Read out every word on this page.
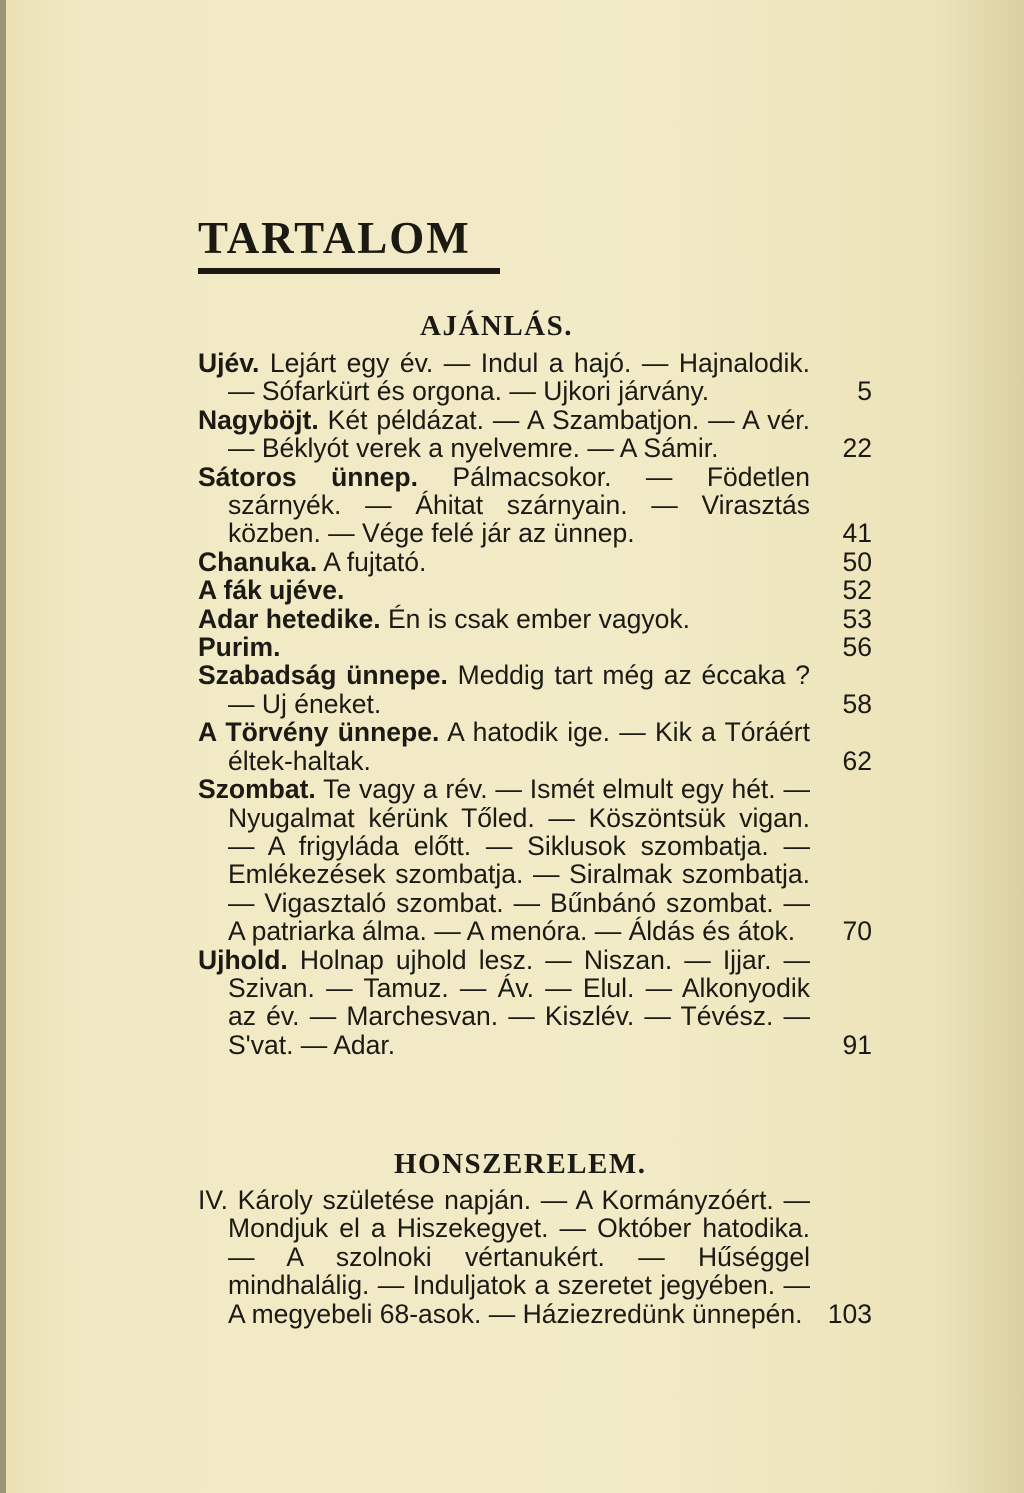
TARTALOM
AJÁNLÁS.
Ujév. Lejárt egy év. — Indul a hajó. — Hajnalodik. — Sófarkürt és orgona. — Ujkori járvány.	5
Nagyböjt. Két példázat. — A Szambatjon. — A vér. — Béklyót verek a nyelvemre. — A Sámir.	22
Sátoros ünnep. Pálmacsokor. — Födetlen szárnyék. — Áhitat szárnyain. — Virasztás közben. — Vége felé jár az ünnep.	41
Chanuka. A fujtató.	50
A fák ujéve.	52
Adar hetedike. Én is csak ember vagyok.	53
Purim.	56
Szabadság ünnepe. Meddig tart még az éccaka ? — Uj éneket.	58
A Törvény ünnepe. A hatodik ige. — Kik a Tóráért éltek-haltak.	62
Szombat. Te vagy a rév. — Ismét elmult egy hét. — Nyugalmat kérünk Tőled. — Köszöntsük vigan. — A frigyláda előtt. — Siklusok szombatja. — Emlékezések szombatja. — Siralmak szombatja. — Vigasztaló szombat. — Bűnbánó szombat. — A patriarka álma. — A menóra. — Áldás és átok.	70
Ujhold. Holnap ujhold lesz. — Niszan. — Ijjar. — Szivan. — Tamuz. — Áv. — Elul. — Alkonyodik az év. — Marchesvan. — Kiszlév. — Tévész. — S'vat. — Adar.	91
HONSZERELEM.
IV. Károly születése napján. — A Kormányzóért. — Mondjuk el a Hiszekegyet. — Október hatodika. — A szolnoki vértanukért. — Hűséggel mindhalálig. — Induljatok a szeretet jegyében. — A megyebeli 68-asok. — Háziezredünk ünnepén. 103
